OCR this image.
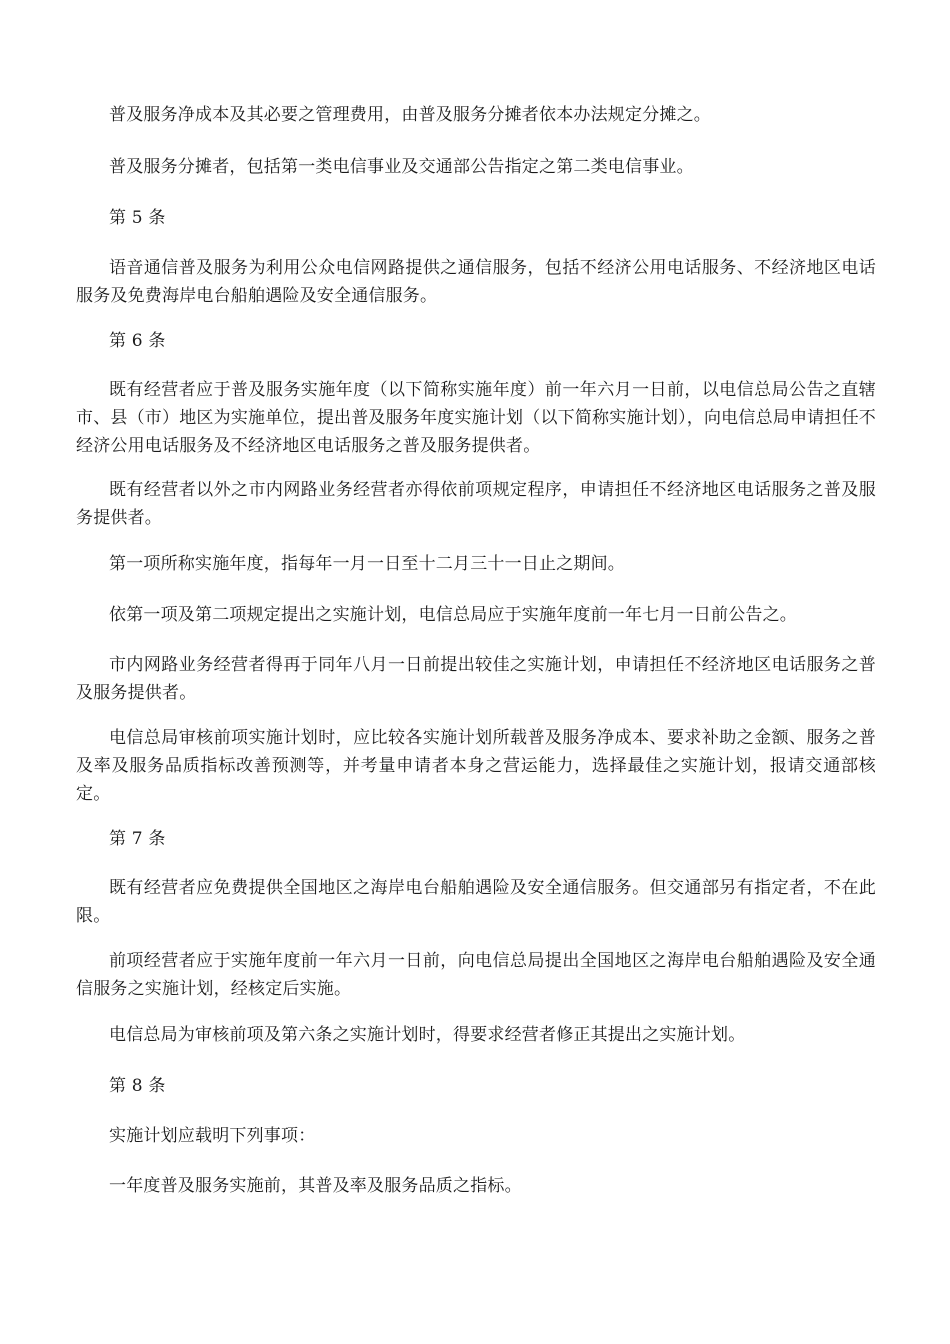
普及服务净成本及其必要之管理费用，由普及服务分摊者依本办法规定分摊之。

普及服务分摊者，包括第一类电信事业及交通部公告指定之第二类电信事业。

第 5 条

语音通信普及服务为利用公众电信网路提供之通信服务，包括不经济公用电话服务、不经济地区电话服务及免费海岸电台船舶遇险及安全通信服务。

第 6 条

既有经营者应于普及服务实施年度（以下简称实施年度）前一年六月一日前，以电信总局公告之直辖市、县（市）地区为实施单位，提出普及服务年度实施计划（以下简称实施计划），向电信总局申请担任不经济公用电话服务及不经济地区电话服务之普及服务提供者。

既有经营者以外之市内网路业务经营者亦得依前项规定程序，申请担任不经济地区电话服务之普及服务提供者。

第一项所称实施年度，指每年一月一日至十二月三十一日止之期间。

依第一项及第二项规定提出之实施计划，电信总局应于实施年度前一年七月一日前公告之。

市内网路业务经营者得再于同年八月一日前提出较佳之实施计划，申请担任不经济地区电话服务之普及服务提供者。

电信总局审核前项实施计划时，应比较各实施计划所载普及服务净成本、要求补助之金额、服务之普及率及服务品质指标改善预测等，并考量申请者本身之营运能力，选择最佳之实施计划，报请交通部核定。

第 7 条

既有经营者应免费提供全国地区之海岸电台船舶遇险及安全通信服务。但交通部另有指定者，不在此限。

前项经营者应于实施年度前一年六月一日前，向电信总局提出全国地区之海岸电台船舶遇险及安全通信服务之实施计划，经核定后实施。

电信总局为审核前项及第六条之实施计划时，得要求经营者修正其提出之实施计划。

第 8 条

实施计划应载明下列事项：

一年度普及服务实施前，其普及率及服务品质之指标。
